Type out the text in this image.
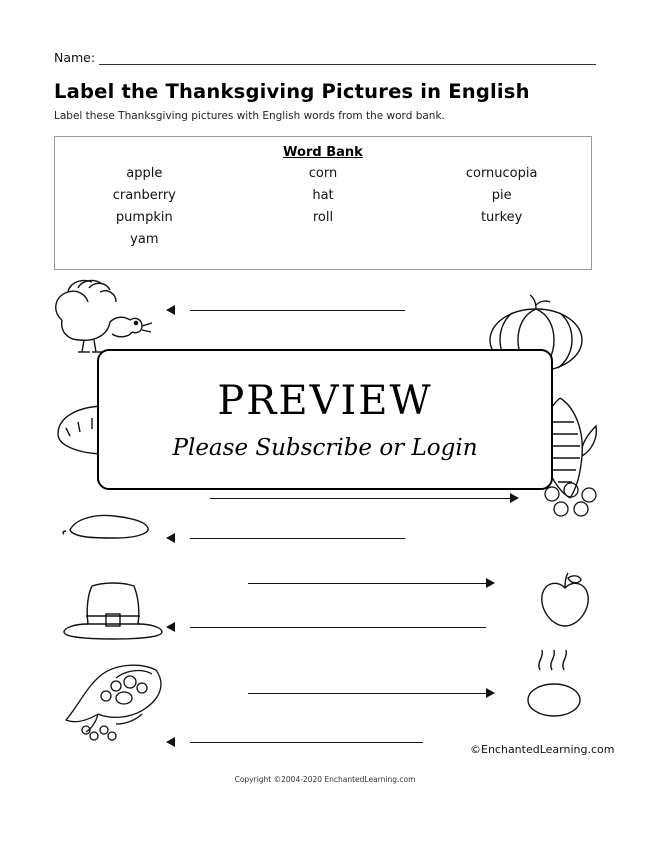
Name:
Label the Thanksgiving Pictures in English
Label these Thanksgiving pictures with English words from the word bank.
Word Bank
apple	corn	cornucopia
cranberry	hat	pie
pumpkin	roll	turkey
yam
PREVIEW
Please Subscribe or Login
©EnchantedLearning.com
Copyright ©2004-2020 EnchantedLearning.com
